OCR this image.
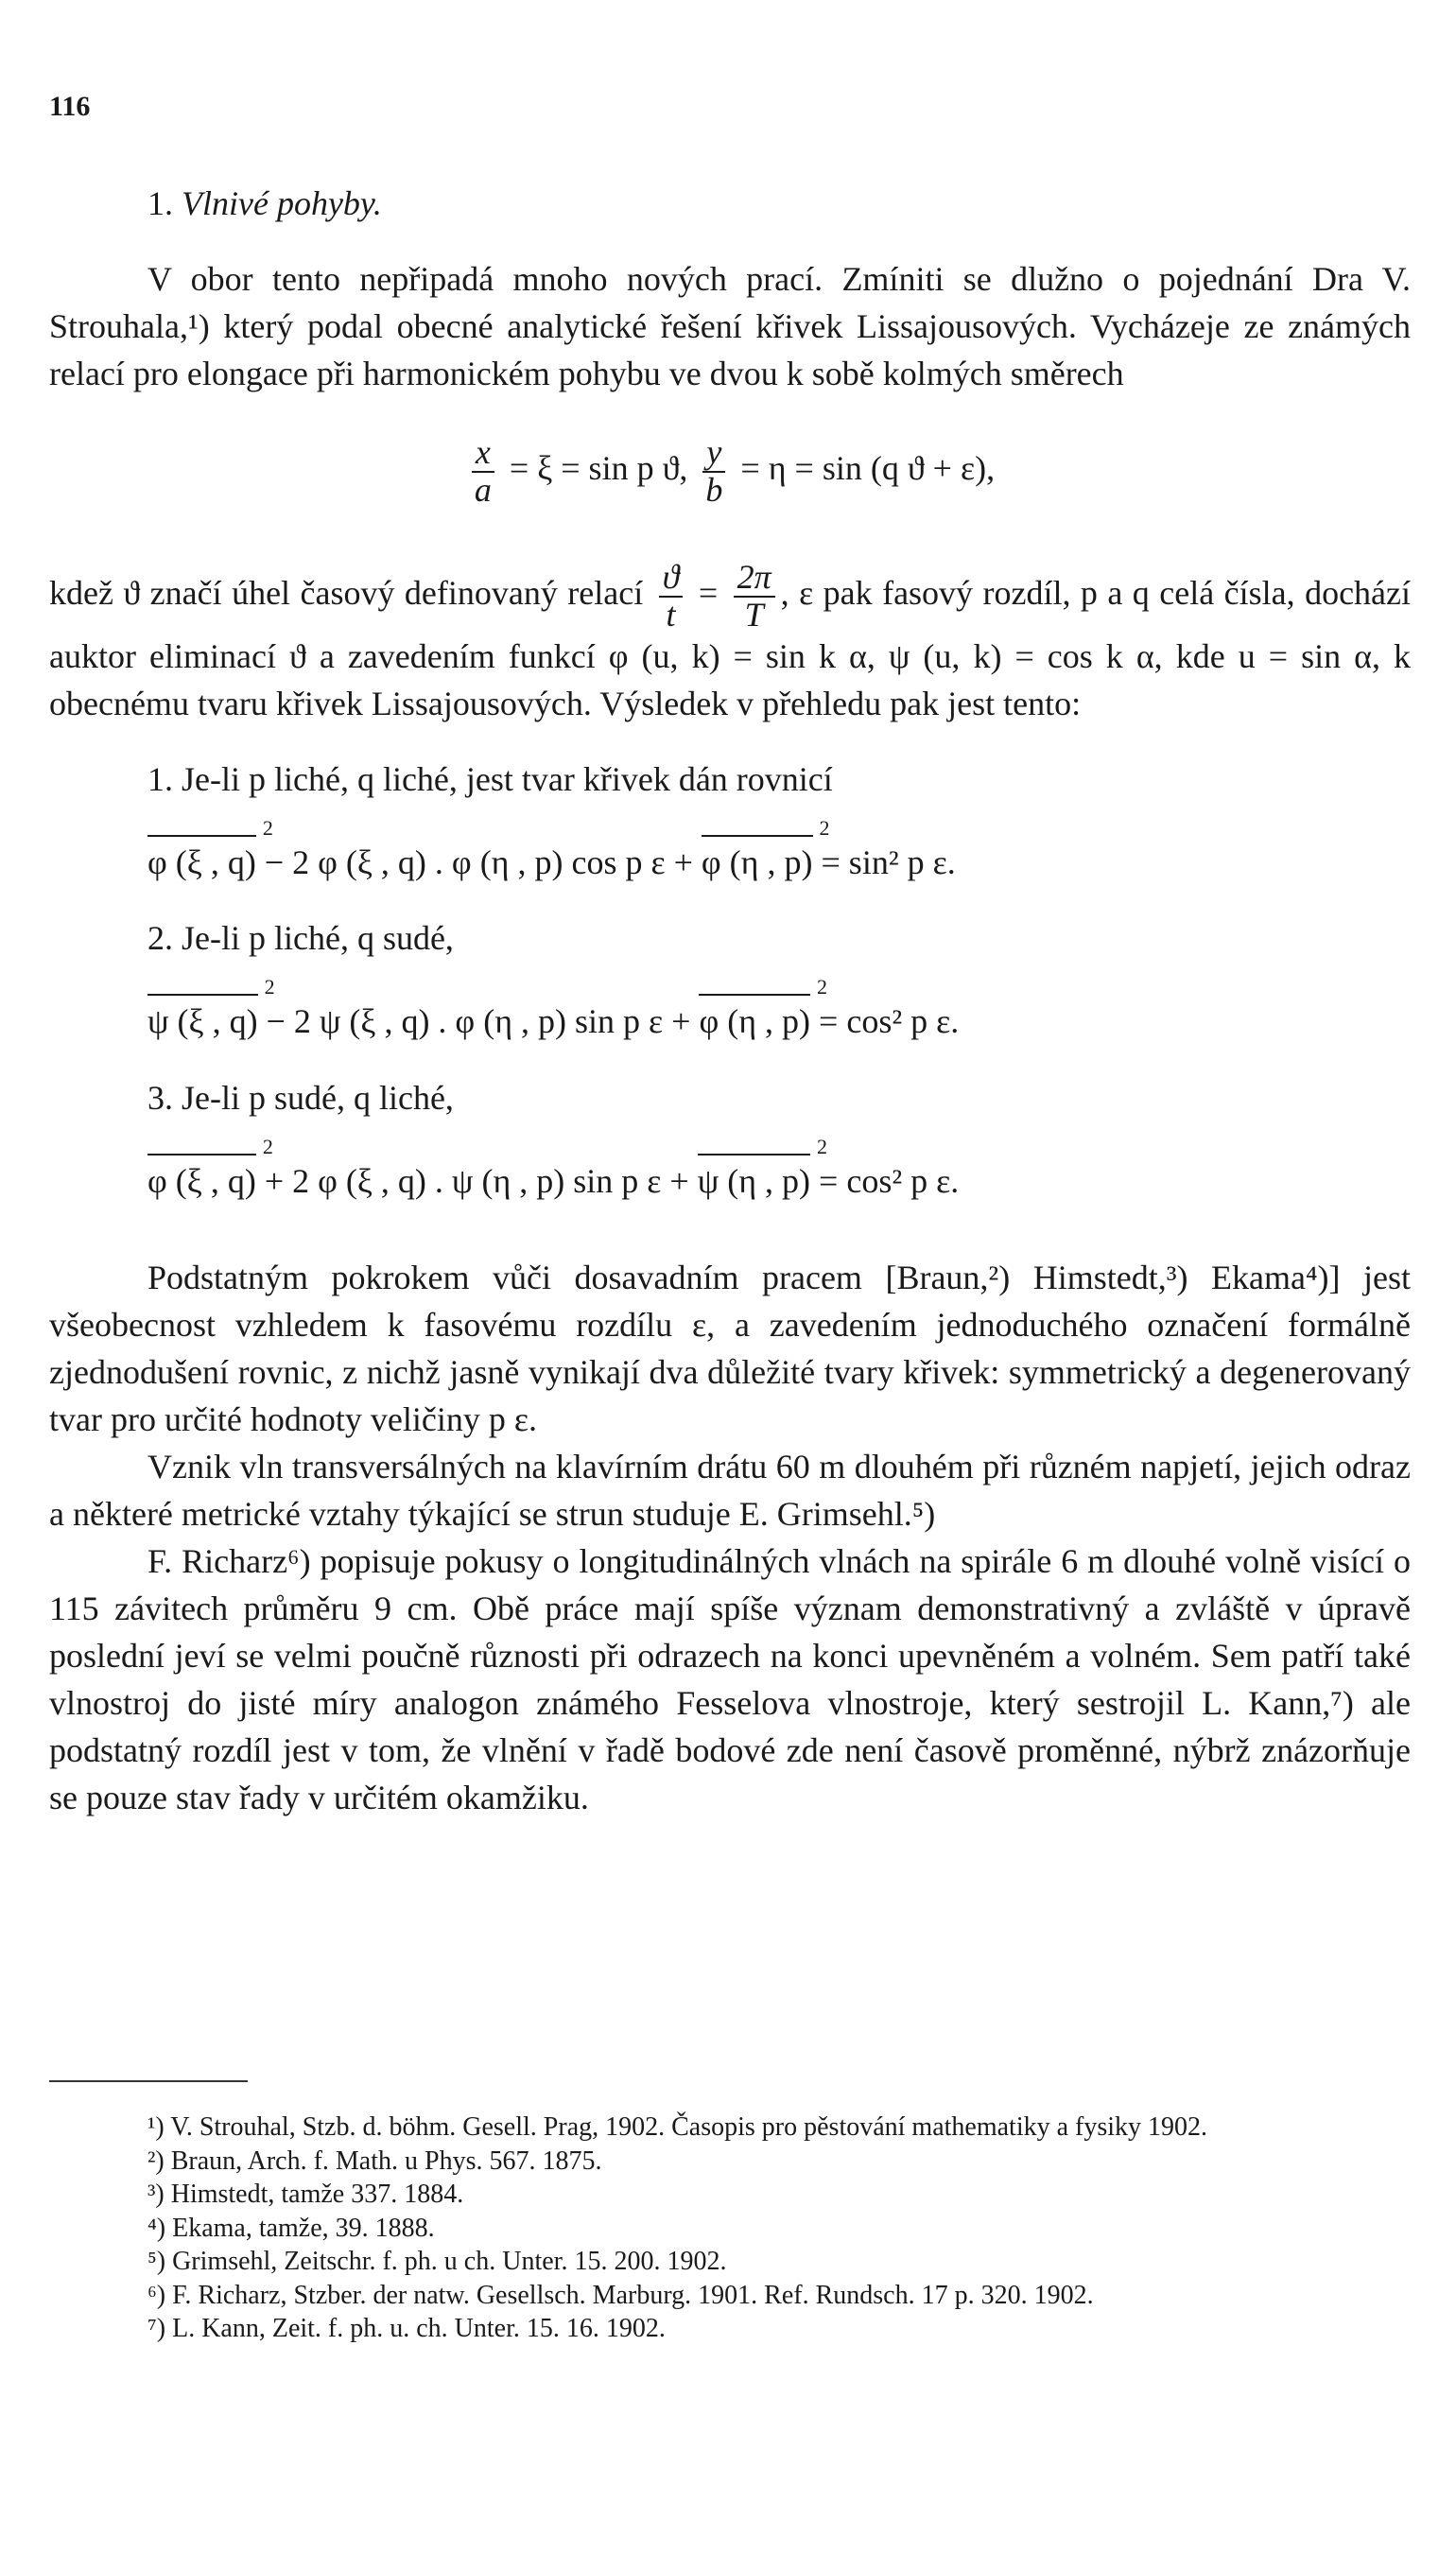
116
1. Vlnivé pohyby.

V obor tento nepřipadá mnoho nových prací. Zmíniti se dlužno o pojednání Dra V. Strouhala,¹) který podal obecné analytické řešení křivek Lissajousových. Vycházeje ze známých relací pro elongace při harmonickém pohybu ve dvou k sobě kolmých směrech

$\frac{x}{a} = \xi = \sin p$ ϑ, $\frac{y}{b} = \eta = \sin (q$ ϑ + ε),

kdež ϑ značí úhel časový definovaný relací $\frac{ϑ}{t} = \frac{2\pi}{T}$ , ε pak fasový rozdíl, p a q celá čísla, dochází auktor eliminací ϑ a zavedením funkcí φ (u, k) = sin k α, ψ (u, k) = cos k α, kde u = sin α, k obecnému tvaru křivek Lissajousových. Výsledek v přehledu pak jest tento:

1. Je-li p liché, q liché, jest tvar křivek dán rovnicí
φ (ξ , q)
2
− 2 φ (ξ , q) . φ (η , p) cos p ε + φ (η , p)
2
= sin² p ε.
2. Je-li p liché, q sudé,
ψ (ξ , q)
2
− 2 ψ (ξ , q) . φ (η , p) sin p ε + φ (η , p)
2
= cos² p ε.
3. Je-li p sudé, q liché,
φ (ξ , q)
2
+ 2 φ (ξ , q) . ψ (η , p) sin p ε + ψ (η , p)
2
= cos² p ε.

Podstatným pokrokem vůči dosavadním pracem [Braun,²) Himstedt,³) Ekama⁴)] jest všeobecnost vzhledem k fasovému rozdílu ε, a zavedením jednoduchého označení formálně zjednodušení rovnic, z nichž jasně vynikají dva důležité tvary křivek: symmetrický a degenerovaný tvar pro určité hodnoty veličiny p ε.

Vznik vln transversálných na klavírním drátu 60 m dlouhém při různém napjetí, jejich odraz a některé metrické vztahy týkající se strun studuje E. Grimsehl.⁵)

F. Richarz⁶) popisuje pokusy o longitudinálných vlnách na spirále 6 m dlouhé volně visící o 115 závitech průměru 9 cm. Obě práce mají spíše význam demonstrativný a zvláště v úpravě poslední jeví se velmi poučně různosti při odrazech na konci upevněném a volném. Sem patří také vlnostroj do jisté míry analogon známého Fesselova vlnostroje, který sestrojil L. Kann,⁷) ale podstatný rozdíl jest v tom, že vlnění v řadě bodové zde není časově proměnné, nýbrž znázorňuje se pouze stav řady v určitém okamžiku.

¹) V. Strouhal, Stzb. d. böhm. Gesell. Prag, 1902. Časopis pro pěstování mathematiky a fysiky 1902.
²) Braun, Arch. f. Math. u Phys. 567. 1875.
³) Himstedt, tamže 337. 1884.
⁴) Ekama, tamže, 39. 1888.
⁵) Grimsehl, Zeitschr. f. ph. u ch. Unter. 15. 200. 1902.
⁶) F. Richarz, Stzber. der natw. Gesellsch. Marburg. 1901. Ref. Rundsch. 17 p. 320. 1902.
⁷) L. Kann, Zeit. f. ph. u. ch. Unter. 15. 16. 1902.
